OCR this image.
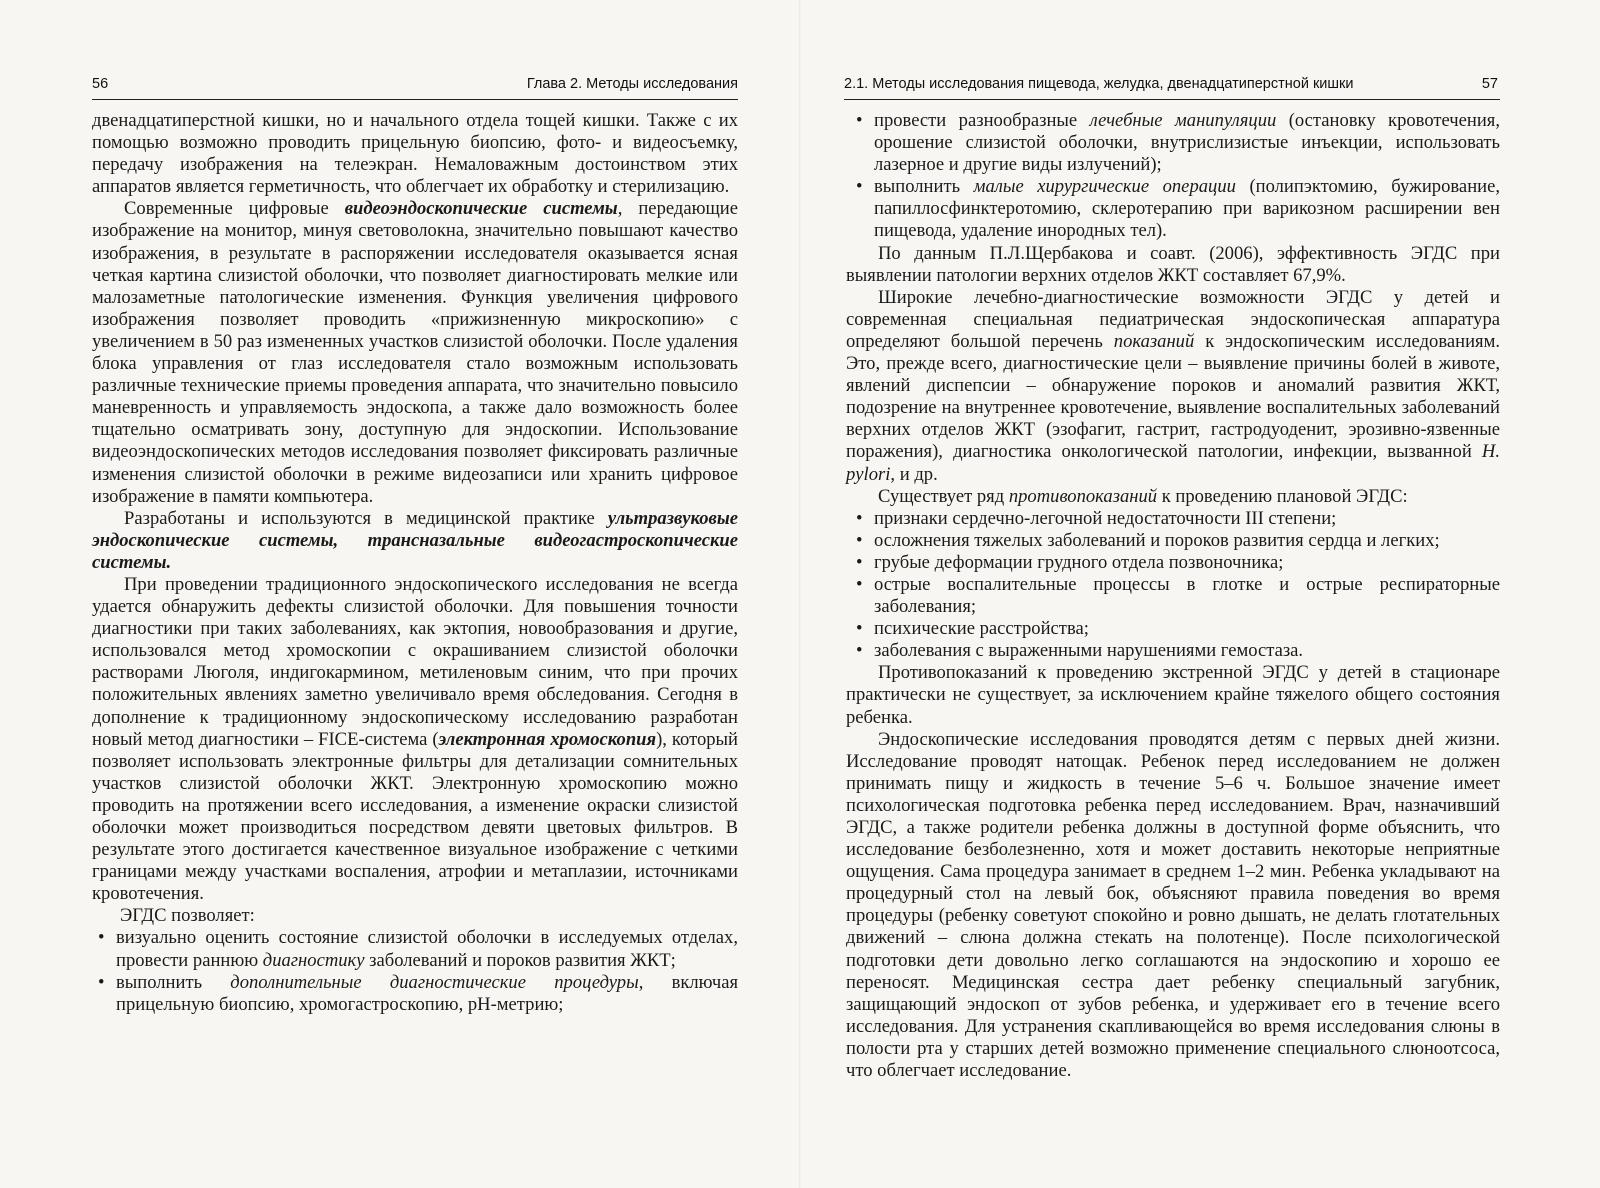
56	Глава 2. Методы исследования

двенадцатиперстной кишки, но и начального отдела тощей кишки. Также с их помощью возможно проводить прицельную биопсию, фото- и видеосъемку, передачу изображения на телеэкран. Немаловажным достоинством этих аппаратов является герметичность, что облегчает их обработку и стерилизацию.

Современные цифровые видеоэндоскопические системы, передающие изображение на монитор, минуя световолокна, значительно повышают качество изображения, в результате в распоряжении исследователя оказывается ясная четкая картина слизистой оболочки, что позволяет диагностировать мелкие или малозаметные патологические изменения. Функция увеличения цифрового изображения позволяет проводить «прижизненную микроскопию» с увеличением в 50 раз измененных участков слизистой оболочки. После удаления блока управления от глаз исследователя стало возможным использовать различные технические приемы проведения аппарата, что значительно повысило маневренность и управляемость эндоскопа, а также дало возможность более тщательно осматривать зону, доступную для эндоскопии. Использование видеоэндоскопических методов исследования позволяет фиксировать различные изменения слизистой оболочки в режиме видеозаписи или хранить цифровое изображение в памяти компьютера.

Разработаны и используются в медицинской практике ультразвуковые эндоскопические системы, трансназальные видеогастроскопические системы.

При проведении традиционного эндоскопического исследования не всегда удается обнаружить дефекты слизистой оболочки. Для повышения точности диагностики при таких заболеваниях, как эктопия, новообразования и другие, использовался метод хромоскопии с окрашиванием слизистой оболочки растворами Люголя, индигокармином, метиленовым синим, что при прочих положительных явлениях заметно увеличивало время обследования. Сегодня в дополнение к традиционному эндоскопическому исследованию разработан новый метод диагностики – FICE-система (электронная хромоскопия), который позволяет использовать электронные фильтры для детализации сомнительных участков слизистой оболочки ЖКТ. Электронную хромоскопию можно проводить на протяжении всего исследования, а изменение окраски слизистой оболочки может производиться посредством девяти цветовых фильтров. В результате этого достигается качественное визуальное изображение с четкими границами между участками воспаления, атрофии и метаплазии, источниками кровотечения.

ЭГДС позволяет:

• визуально оценить состояние слизистой оболочки в исследуемых отделах, провести раннюю диагностику заболеваний и пороков развития ЖКТ;
• выполнить дополнительные диагностические процедуры, включая прицельную биопсию, хромогастроскопию, рН-метрию;
2.1. Методы исследования пищевода, желудка, двенадцатиперстной кишки	57
• провести разнообразные лечебные манипуляции (остановку кровотечения, орошение слизистой оболочки, внутрислизистые инъекции, использовать лазерное и другие виды излучений);
• выполнить малые хирургические операции (полипэктомию, бужирование, папиллосфинктеротомию, склеротерапию при варикозном расширении вен пищевода, удаление инородных тел).

По данным П.Л.Щербакова и соавт. (2006), эффективность ЭГДС при выявлении патологии верхних отделов ЖКТ составляет 67,9%.

Широкие лечебно-диагностические возможности ЭГДС у детей и современная специальная педиатрическая эндоскопическая аппаратура определяют большой перечень показаний к эндоскопическим исследованиям. Это, прежде всего, диагностические цели – выявление причины болей в животе, явлений диспепсии – обнаружение пороков и аномалий развития ЖКТ, подозрение на внутреннее кровотечение, выявление воспалительных заболеваний верхних отделов ЖКТ (эзофагит, гастрит, гастродуоденит, эрозивно-язвенные поражения), диагностика онкологической патологии, инфекции, вызванной H. pylori, и др.

Существует ряд противопоказаний к проведению плановой ЭГДС:

• признаки сердечно-легочной недостаточности III степени;
• осложнения тяжелых заболеваний и пороков развития сердца и легких;
• грубые деформации грудного отдела позвоночника;
• острые воспалительные процессы в глотке и острые респираторные заболевания;
• психические расстройства;
• заболевания с выраженными нарушениями гемостаза.

Противопоказаний к проведению экстренной ЭГДС у детей в стационаре практически не существует, за исключением крайне тяжелого общего состояния ребенка.

Эндоскопические исследования проводятся детям с первых дней жизни. Исследование проводят натощак. Ребенок перед исследованием не должен принимать пищу и жидкость в течение 5–6 ч. Большое значение имеет психологическая подготовка ребенка перед исследованием. Врач, назначивший ЭГДС, а также родители ребенка должны в доступной форме объяснить, что исследование безболезненно, хотя и может доставить некоторые неприятные ощущения. Сама процедура занимает в среднем 1–2 мин. Ребенка укладывают на процедурный стол на левый бок, объясняют правила поведения во время процедуры (ребенку советуют спокойно и ровно дышать, не делать глотательных движений – слюна должна стекать на полотенце). После психологической подготовки дети довольно легко соглашаются на эндоскопию и хорошо ее переносят. Медицинская сестра дает ребенку специальный загубник, защищающий эндоскоп от зубов ребенка, и удерживает его в течение всего исследования. Для устранения скапливающейся во время исследования слюны в полости рта у старших детей возможно применение специального слюноотсоса, что облегчает исследование.
